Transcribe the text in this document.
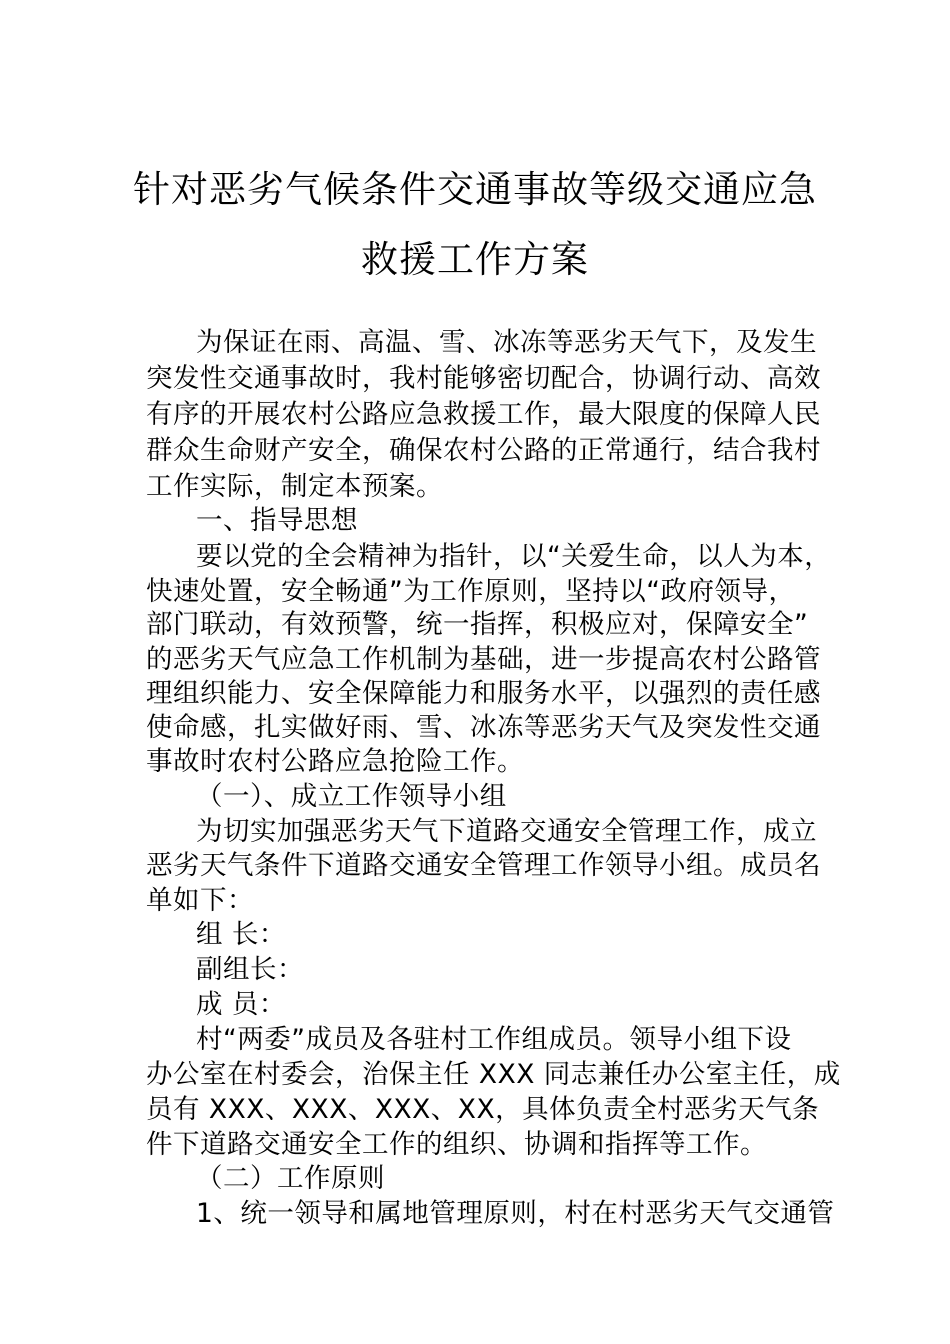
针对恶劣气候条件交通事故等级交通应急
救援工作方案
为保证在雨、高温、雪、冰冻等恶劣天气下，及发生
突发性交通事故时，我村能够密切配合，协调行动、高效
有序的开展农村公路应急救援工作，最大限度的保障人民
群众生命财产安全，确保农村公路的正常通行，结合我村
工作实际，制定本预案。
一、指导思想
要以党的全会精神为指针，以“关爱生命，以人为本，
快速处置，安全畅通”为工作原则，坚持以“政府领导，
部门联动，有效预警，统一指挥，积极应对，保障安全”
的恶劣天气应急工作机制为基础，进一步提高农村公路管
理组织能力、安全保障能力和服务水平，以强烈的责任感
使命感，扎实做好雨、雪、冰冻等恶劣天气及突发性交通
事故时农村公路应急抢险工作。
（一）、成立工作领导小组
为切实加强恶劣天气下道路交通安全管理工作，成立
恶劣天气条件下道路交通安全管理工作领导小组。成员名
单如下：
组 长：
副组长：
成 员：
村“两委”成员及各驻村工作组成员。领导小组下设
办公室在村委会，治保主任 XXX 同志兼任办公室主任，成
员有 XXX、XXX、XXX、XX，具体负责全村恶劣天气条
件下道路交通安全工作的组织、协调和指挥等工作。
（二）工作原则
1、统一领导和属地管理原则，村在村恶劣天气交通管
